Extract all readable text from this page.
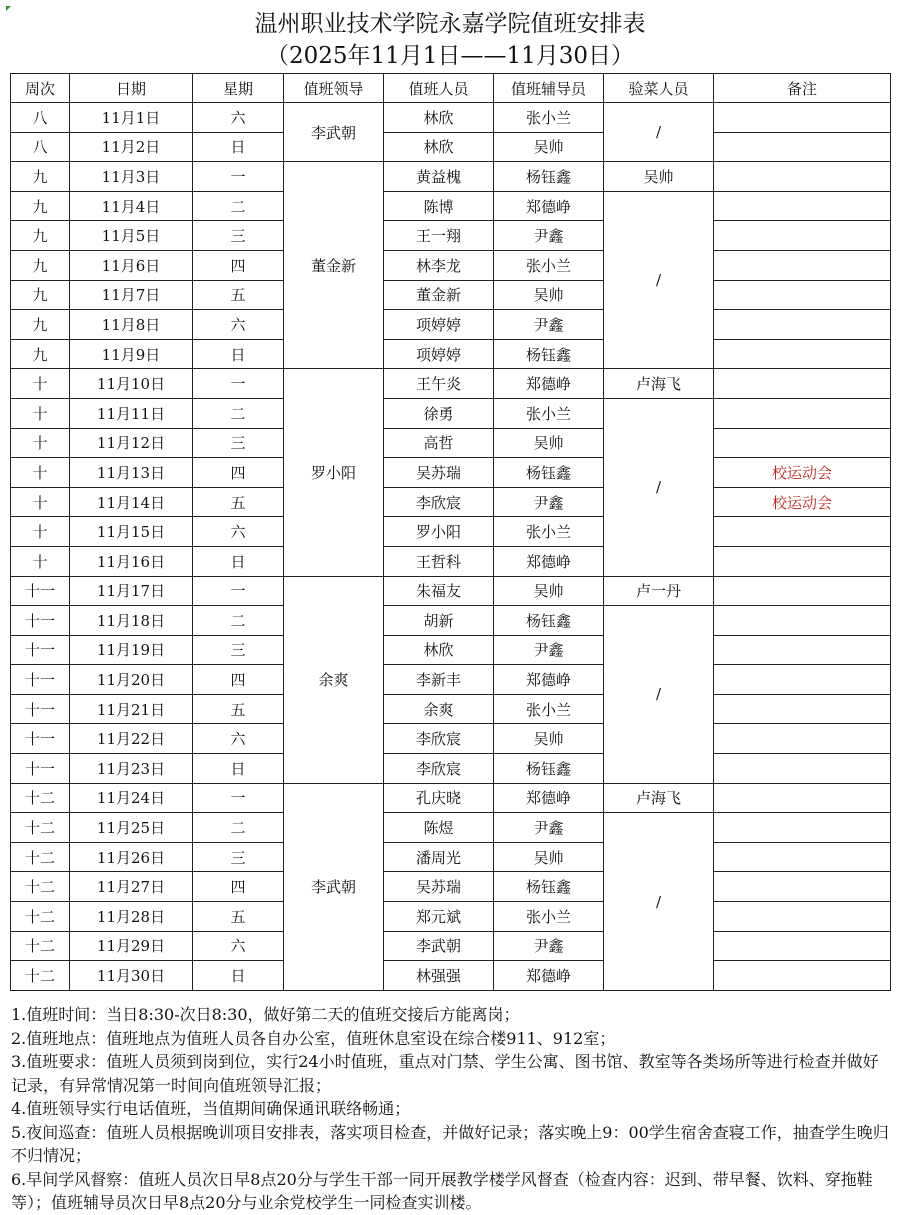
温州职业技术学院永嘉学院值班安排表
（2025年11月1日——11月30日）
周次	日期	星期	值班领导	值班人员	值班辅导员	验菜人员	备注
八	11月1日	六	李武朝	林欣	张小兰	/	
八	11月2日	日		林欣	吴帅		
九	11月3日	一	董金新	黄益槐	杨钰鑫	吴帅	
九	11月4日	二		陈博	郑德峥	/	
九	11月5日	三		王一翔	尹鑫		
九	11月6日	四		林李龙	张小兰		
九	11月7日	五		董金新	吴帅		
九	11月8日	六		项婷婷	尹鑫		
九	11月9日	日		项婷婷	杨钰鑫		
十	11月10日	一	罗小阳	王午炎	郑德峥	卢海飞	
十	11月11日	二		徐勇	张小兰	/	
十	11月12日	三		高哲	吴帅		
十	11月13日	四		吴苏瑞	杨钰鑫		校运动会
十	11月14日	五		李欣宸	尹鑫		校运动会
十	11月15日	六		罗小阳	张小兰		
十	11月16日	日		王哲科	郑德峥		
十一	11月17日	一	余爽	朱福友	吴帅	卢一丹	
十一	11月18日	二		胡新	杨钰鑫	/	
十一	11月19日	三		林欣	尹鑫		
十一	11月20日	四		李新丰	郑德峥		
十一	11月21日	五		余爽	张小兰		
十一	11月22日	六		李欣宸	吴帅		
十一	11月23日	日		李欣宸	杨钰鑫		
十二	11月24日	一	李武朝	孔庆晓	郑德峥	卢海飞	
十二	11月25日	二		陈煜	尹鑫	/	
十二	11月26日	三		潘周光	吴帅		
十二	11月27日	四		吴苏瑞	杨钰鑫		
十二	11月28日	五		郑元斌	张小兰		
十二	11月29日	六		李武朝	尹鑫		
十二	11月30日	日		林强强	郑德峥		

1.值班时间：当日8:30-次日8:30，做好第二天的值班交接后方能离岗；

2.值班地点：值班地点为值班人员各自办公室，值班休息室设在综合楼911、912室；

3.值班要求：值班人员须到岗到位，实行24小时值班，重点对门禁、学生公寓、图书馆、教室等各类场所等进行检查并做好记录，有异常情况第一时间向值班领导汇报；

4.值班领导实行电话值班，当值期间确保通讯联络畅通；

5.夜间巡查：值班人员根据晚训项目安排表，落实项目检查，并做好记录；落实晚上9：00学生宿舍查寝工作，抽查学生晚归不归情况；

6.早间学风督察：值班人员次日早8点20分与学生干部一同开展教学楼学风督查（检查内容：迟到、带早餐、饮料、穿拖鞋等）；值班辅导员次日早8点20分与业余党校学生一同检查实训楼。
